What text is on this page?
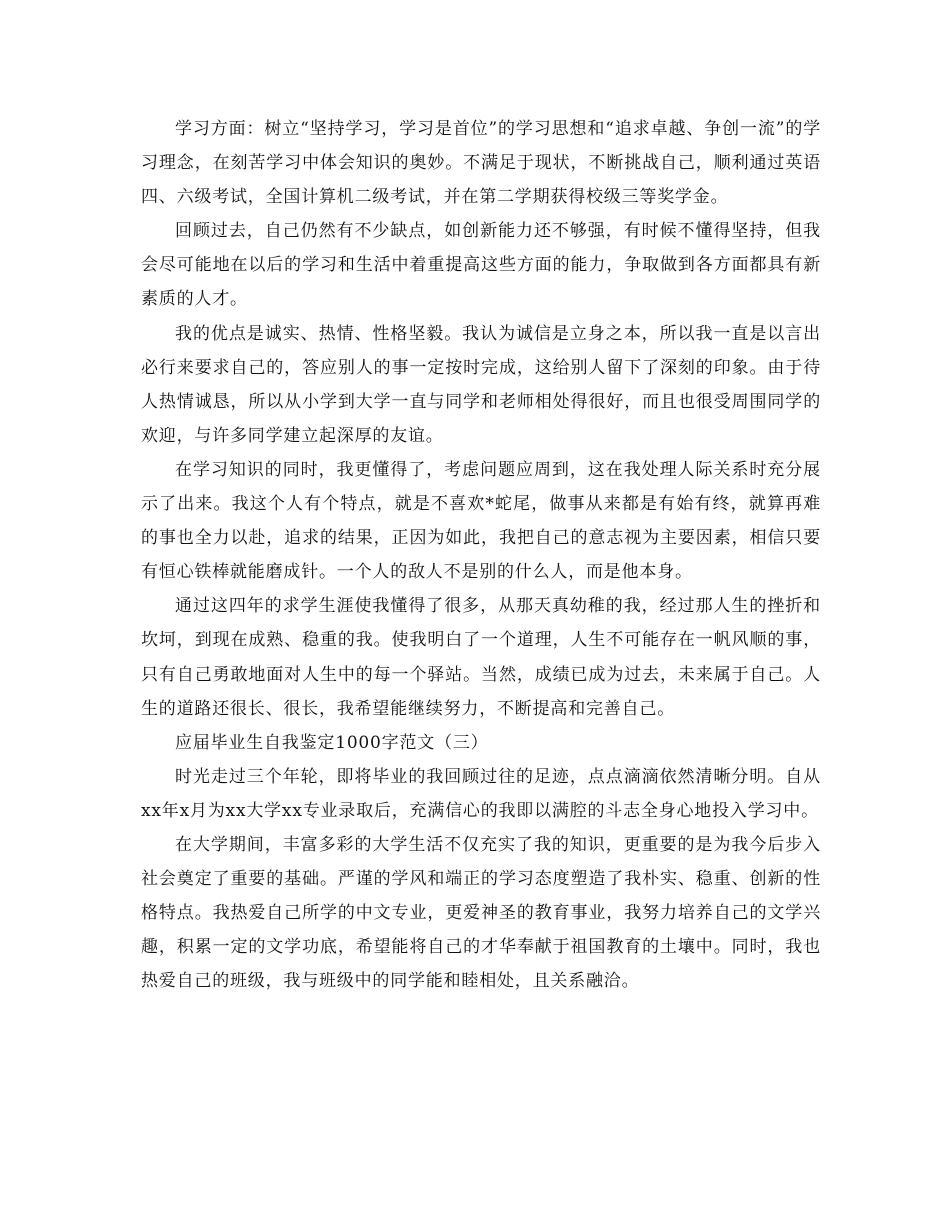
学习方面：树立“坚持学习，学习是首位”的学习思想和“追求卓越、争创一流”的学习理念，在刻苦学习中体会知识的奥妙。不满足于现状，不断挑战自己，顺利通过英语四、六级考试，全国计算机二级考试，并在第二学期获得校级三等奖学金。

回顾过去，自己仍然有不少缺点，如创新能力还不够强，有时候不懂得坚持，但我会尽可能地在以后的学习和生活中着重提高这些方面的能力，争取做到各方面都具有新素质的人才。

我的优点是诚实、热情、性格坚毅。我认为诚信是立身之本，所以我一直是以言出必行来要求自己的，答应别人的事一定按时完成，这给别人留下了深刻的印象。由于待人热情诚恳，所以从小学到大学一直与同学和老师相处得很好，而且也很受周围同学的欢迎，与许多同学建立起深厚的友谊。

在学习知识的同时，我更懂得了，考虑问题应周到，这在我处理人际关系时充分展示了出来。我这个人有个特点，就是不喜欢*蛇尾，做事从来都是有始有终，就算再难的事也全力以赴，追求的结果，正因为如此，我把自己的意志视为主要因素，相信只要有恒心铁棒就能磨成针。一个人的敌人不是别的什么人，而是他本身。

通过这四年的求学生涯使我懂得了很多，从那天真幼稚的我，经过那人生的挫折和坎坷，到现在成熟、稳重的我。使我明白了一个道理，人生不可能存在一帆风顺的事，只有自己勇敢地面对人生中的每一个驿站。当然，成绩已成为过去，未来属于自己。人生的道路还很长、很长，我希望能继续努力，不断提高和完善自己。

应届毕业生自我鉴定1000字范文（三）

时光走过三个年轮，即将毕业的我回顾过往的足迹，点点滴滴依然清晰分明。自从xx年x月为xx大学xx专业录取后，充满信心的我即以满腔的斗志全身心地投入学习中。

在大学期间，丰富多彩的大学生活不仅充实了我的知识，更重要的是为我今后步入社会奠定了重要的基础。严谨的学风和端正的学习态度塑造了我朴实、稳重、创新的性格特点。我热爱自己所学的中文专业，更爱神圣的教育事业，我努力培养自己的文学兴趣，积累一定的文学功底，希望能将自己的才华奉献于祖国教育的土壤中。同时，我也热爱自己的班级，我与班级中的同学能和睦相处，且关系融洽。
